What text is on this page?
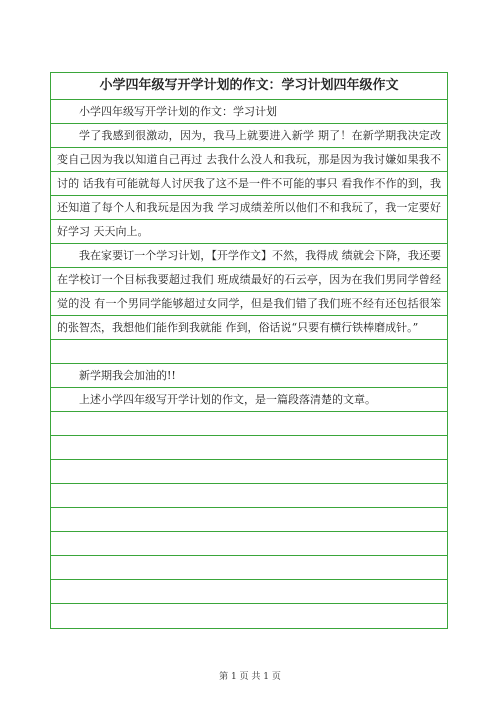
小学四年级写开学计划的作文：学习计划四年级作文
小学四年级写开学计划的作文：学习计划
学了我感到很激动，因为，我马上就要进入新学 期了！在新学期我决定改变自己因为我以知道自己再过 去我什么没人和我玩，那是因为我讨嫌如果我不讨的 话我有可能就每人讨厌我了这不是一件不可能的事只 看我作不作的到，我还知道了每个人和我玩是因为我 学习成绩差所以他们不和我玩了，我一定要好好学习 天天向上。
我在家要订一个学习计划，【开学作文】不然，我得成 绩就会下降，我还要在学校订一个目标我要超过我们 班成绩最好的石云亭，因为在我们男同学曾经觉的没 有一个男同学能够超过女同学，但是我们错了我们班不经有还包括很笨的张智杰，我想他们能作到我就能 作到，俗话说“只要有横行铁棒磨成针。”
新学期我会加油的!!
上述小学四年级写开学计划的作文，是一篇段落清楚的文章。
第 1 页 共 1 页
